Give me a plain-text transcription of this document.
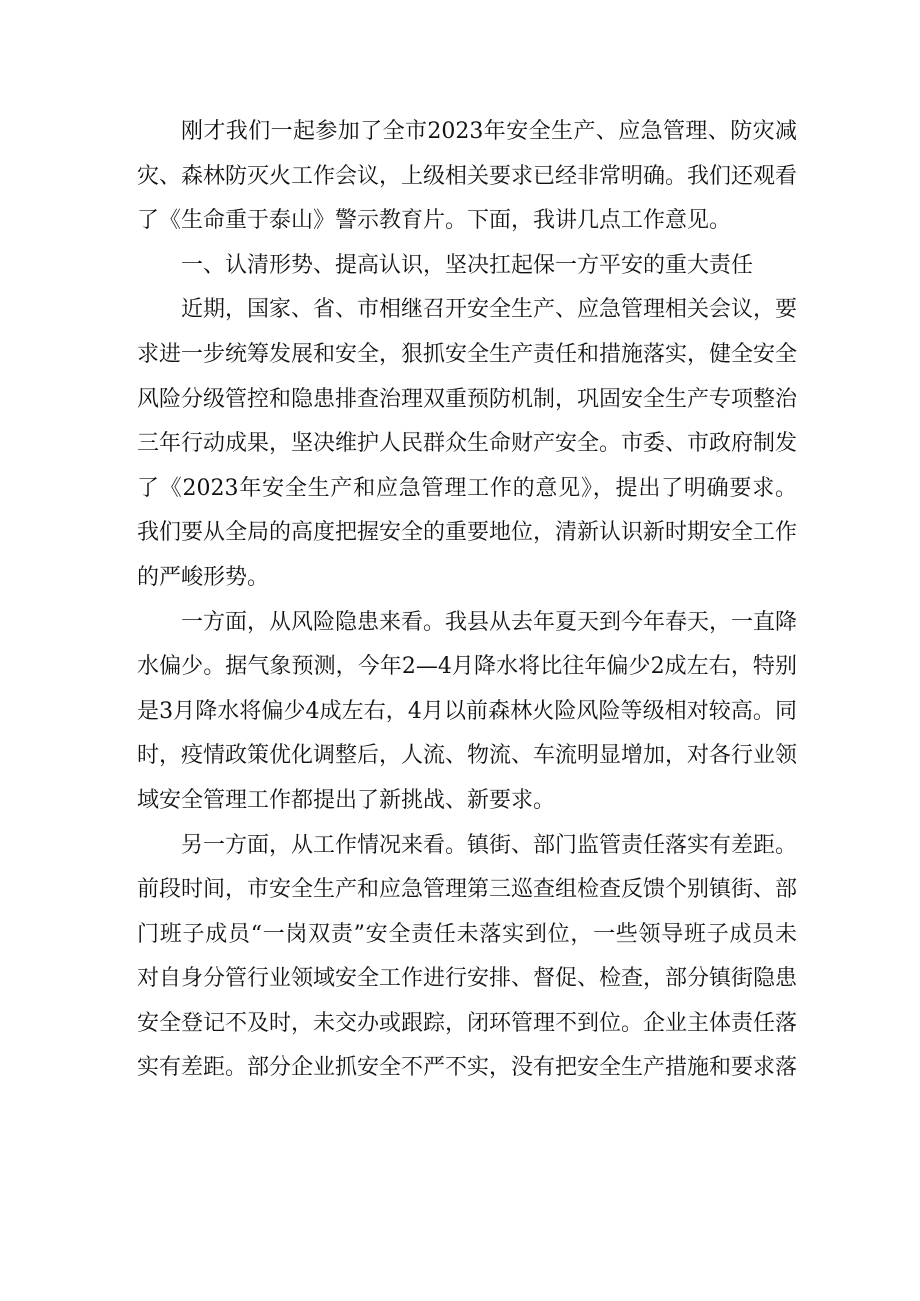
刚才我们一起参加了全市2023年安全生产、应急管理、防灾减灾、森林防灭火工作会议，上级相关要求已经非常明确。我们还观看了《生命重于泰山》警示教育片。下面，我讲几点工作意见。

一、认清形势、提高认识，坚决扛起保一方平安的重大责任

近期，国家、省、市相继召开安全生产、应急管理相关会议，要求进一步统筹发展和安全，狠抓安全生产责任和措施落实，健全安全风险分级管控和隐患排查治理双重预防机制，巩固安全生产专项整治三年行动成果，坚决维护人民群众生命财产安全。市委、市政府制发了《2023年安全生产和应急管理工作的意见》，提出了明确要求。我们要从全局的高度把握安全的重要地位，清新认识新时期安全工作的严峻形势。

一方面，从风险隐患来看。我县从去年夏天到今年春天，一直降水偏少。据气象预测，今年2—4月降水将比往年偏少2成左右，特别是3月降水将偏少4成左右，4月以前森林火险风险等级相对较高。同时，疫情政策优化调整后，人流、物流、车流明显增加，对各行业领域安全管理工作都提出了新挑战、新要求。

另一方面，从工作情况来看。镇街、部门监管责任落实有差距。前段时间，市安全生产和应急管理第三巡查组检查反馈个别镇街、部门班子成员“一岗双责”安全责任未落实到位，一些领导班子成员未对自身分管行业领域安全工作进行安排、督促、检查，部分镇街隐患安全登记不及时，未交办或跟踪，闭环管理不到位。企业主体责任落实有差距。部分企业抓安全不严不实，没有把安全生产措施和要求落
